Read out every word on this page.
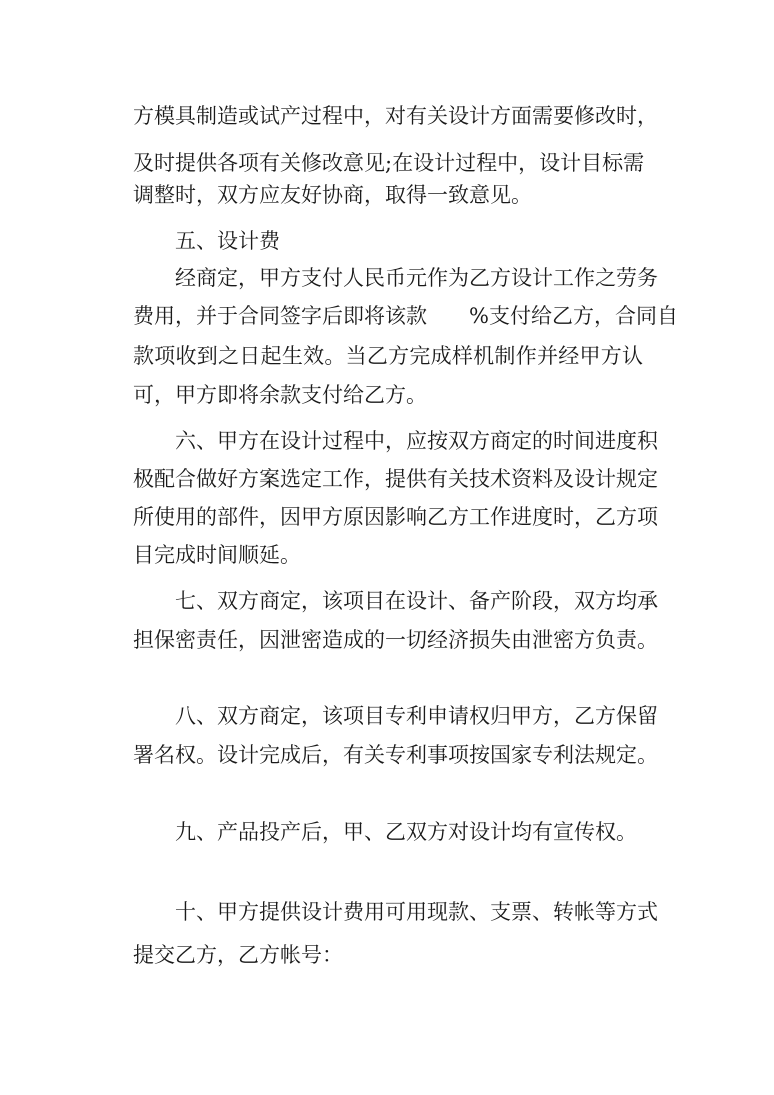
方模具制造或试产过程中，对有关设计方面需要修改时，
及时提供各项有关修改意见;在设计过程中，设计目标需
调整时，双方应友好协商，取得一致意见。
五、设计费
经商定，甲方支付人民币元作为乙方设计工作之劳务
费用，并于合同签字后即将该款　　%支付给乙方，合同自
款项收到之日起生效。当乙方完成样机制作并经甲方认
可，甲方即将余款支付给乙方。
六、甲方在设计过程中，应按双方商定的时间进度积
极配合做好方案选定工作，提供有关技术资料及设计规定
所使用的部件，因甲方原因影响乙方工作进度时，乙方项
目完成时间顺延。
七、双方商定，该项目在设计、备产阶段，双方均承
担保密责任，因泄密造成的一切经济损失由泄密方负责。
八、双方商定，该项目专利申请权归甲方，乙方保留
署名权。设计完成后，有关专利事项按国家专利法规定。
九、产品投产后，甲、乙双方对设计均有宣传权。
十、甲方提供设计费用可用现款、支票、转帐等方式
提交乙方，乙方帐号：
